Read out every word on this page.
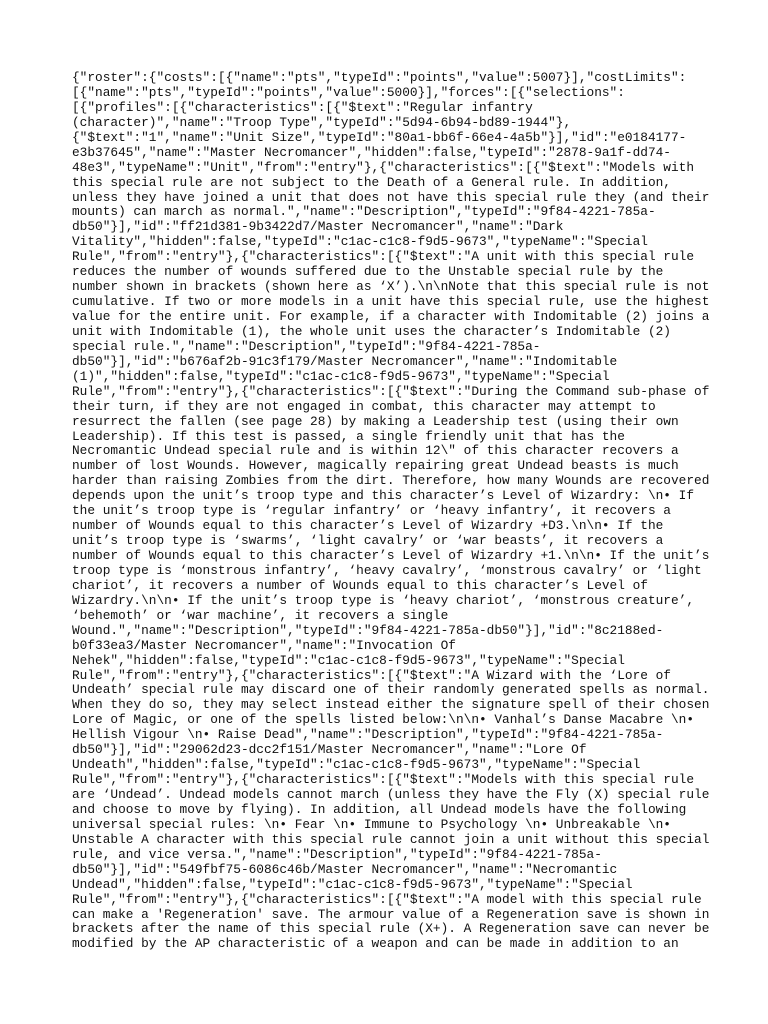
{"roster":{"costs":[{"name":"pts","typeId":"points","value":5007}],"costLimits":
[{"name":"pts","typeId":"points","value":5000}],"forces":[{"selections":
[{"profiles":[{"characteristics":[{"$text":"Regular infantry
(character)","name":"Troop Type","typeId":"5d94-6b94-bd89-1944"},
{"$text":"1","name":"Unit Size","typeId":"80a1-bb6f-66e4-4a5b"}],"id":"e0184177-
e3b37645","name":"Master Necromancer","hidden":false,"typeId":"2878-9a1f-dd74-
48e3","typeName":"Unit","from":"entry"},{"characteristics":[{"$text":"Models with
this special rule are not subject to the Death of a General rule. In addition,
unless they have joined a unit that does not have this special rule they (and their
mounts) can march as normal.","name":"Description","typeId":"9f84-4221-785a-
db50"}],"id":"ff21d381-9b3422d7/Master Necromancer","name":"Dark
Vitality","hidden":false,"typeId":"c1ac-c1c8-f9d5-9673","typeName":"Special
Rule","from":"entry"},{"characteristics":[{"$text":"A unit with this special rule
reduces the number of wounds suffered due to the Unstable special rule by the
number shown in brackets (shown here as ‘X’).\n\nNote that this special rule is not
cumulative. If two or more models in a unit have this special rule, use the highest
value for the entire unit. For example, if a character with Indomitable (2) joins a
unit with Indomitable (1), the whole unit uses the character’s Indomitable (2)
special rule.","name":"Description","typeId":"9f84-4221-785a-
db50"}],"id":"b676af2b-91c3f179/Master Necromancer","name":"Indomitable
(1)","hidden":false,"typeId":"c1ac-c1c8-f9d5-9673","typeName":"Special
Rule","from":"entry"},{"characteristics":[{"$text":"During the Command sub-phase of
their turn, if they are not engaged in combat, this character may attempt to
resurrect the fallen (see page 28) by making a Leadership test (using their own
Leadership). If this test is passed, a single friendly unit that has the
Necromantic Undead special rule and is within 12\" of this character recovers a
number of lost Wounds. However, magically repairing great Undead beasts is much
harder than raising Zombies from the dirt. Therefore, how many Wounds are recovered
depends upon the unit’s troop type and this character’s Level of Wizardry: \n• If
the unit’s troop type is ‘regular infantry’ or ‘heavy infantry’, it recovers a
number of Wounds equal to this character’s Level of Wizardry +D3.\n\n• If the
unit’s troop type is ‘swarms’, ‘light cavalry’ or ‘war beasts’, it recovers a
number of Wounds equal to this character’s Level of Wizardry +1.\n\n• If the unit’s
troop type is ‘monstrous infantry’, ‘heavy cavalry’, ‘monstrous cavalry’ or ‘light
chariot’, it recovers a number of Wounds equal to this character’s Level of
Wizardry.\n\n• If the unit’s troop type is ‘heavy chariot’, ‘monstrous creature’,
‘behemoth’ or ‘war machine’, it recovers a single
Wound.","name":"Description","typeId":"9f84-4221-785a-db50"}],"id":"8c2188ed-
b0f33ea3/Master Necromancer","name":"Invocation Of
Nehek","hidden":false,"typeId":"c1ac-c1c8-f9d5-9673","typeName":"Special
Rule","from":"entry"},{"characteristics":[{"$text":"A Wizard with the ‘Lore of
Undeath’ special rule may discard one of their randomly generated spells as normal.
When they do so, they may select instead either the signature spell of their chosen
Lore of Magic, or one of the spells listed below:\n\n• Vanhal’s Danse Macabre \n•
Hellish Vigour \n• Raise Dead","name":"Description","typeId":"9f84-4221-785a-
db50"}],"id":"29062d23-dcc2f151/Master Necromancer","name":"Lore Of
Undeath","hidden":false,"typeId":"c1ac-c1c8-f9d5-9673","typeName":"Special
Rule","from":"entry"},{"characteristics":[{"$text":"Models with this special rule
are ‘Undead’. Undead models cannot march (unless they have the Fly (X) special rule
and choose to move by flying). In addition, all Undead models have the following
universal special rules: \n• Fear \n• Immune to Psychology \n• Unbreakable \n•
Unstable A character with this special rule cannot join a unit without this special
rule, and vice versa.","name":"Description","typeId":"9f84-4221-785a-
db50"}],"id":"549fbf75-6086c46b/Master Necromancer","name":"Necromantic
Undead","hidden":false,"typeId":"c1ac-c1c8-f9d5-9673","typeName":"Special
Rule","from":"entry"},{"characteristics":[{"$text":"A model with this special rule
can make a 'Regeneration' save. The armour value of a Regeneration save is shown in
brackets after the name of this special rule (X+). A Regeneration save can never be
modified by the AP characteristic of a weapon and can be made in addition to an
